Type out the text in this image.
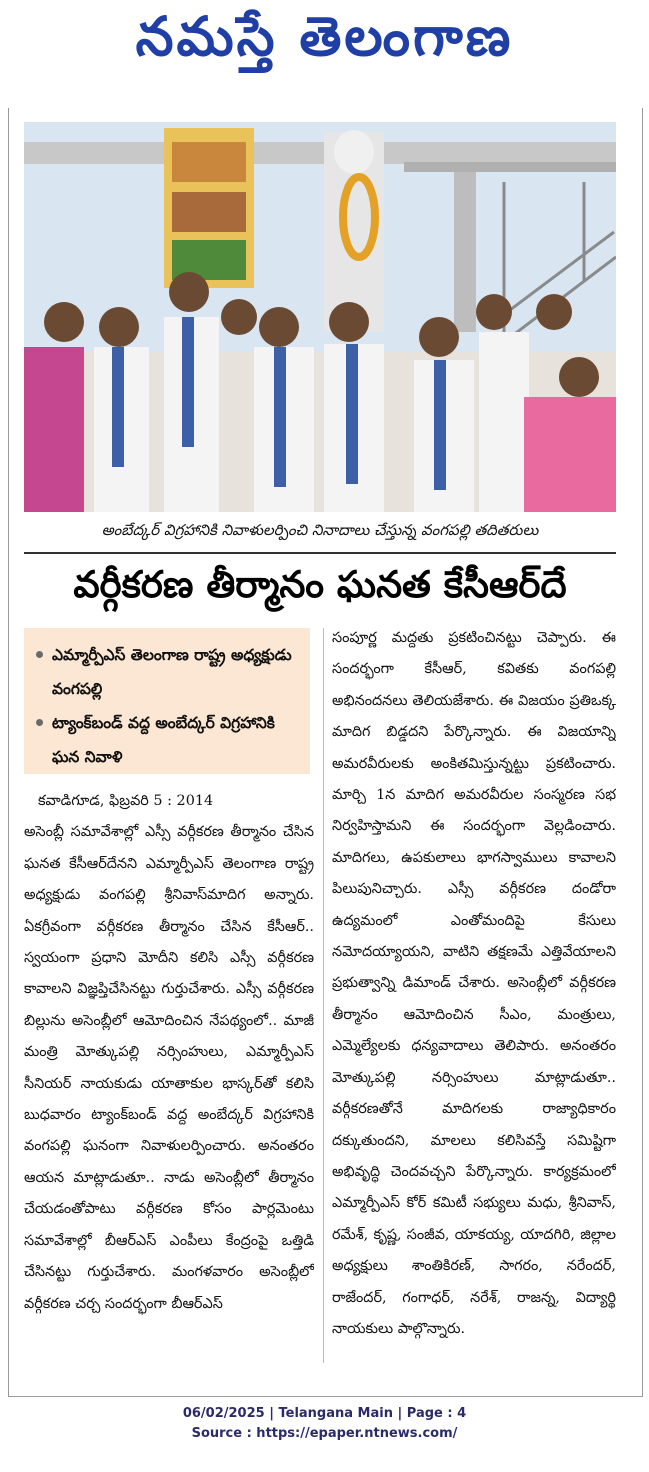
నమస్తే తెలంగాణ
అంబేద్కర్ విగ్రహానికి నివాళులర్పించి నినాదాలు చేస్తున్న వంగపల్లి తదితరులు
వర్గీకరణ తీర్మానం ఘనత కేసీఆర్‌దే
ఎమ్మార్పీఎస్ తెలంగాణ రాష్ట్ర అధ్యక్షుడు వంగపల్లి
ట్యాంక్‌బండ్ వద్ద అంబేద్కర్ విగ్రహానికి ఘన నివాళి

కవాడిగూడ, ఫిబ్రవరి 5 : 2014

అసెంబ్లీ సమావేశాల్లో ఎస్సీ వర్గీకరణ తీర్మానం చేసిన ఘనత కేసీఆర్‌దేనని ఎమ్మార్పీఎస్ తెలంగాణ రాష్ట్ర అధ్యక్షుడు వంగపల్లి శ్రీనివాస్‌మాదిగ అన్నారు. ఏకగ్రీవంగా వర్గీకరణ తీర్మానం చేసిన కేసీఆర్.. స్వయంగా ప్రధాని మోదీని కలిసి ఎస్సీ వర్గీకరణ కావాలని విజ్ఞప్తిచేసినట్టు గుర్తుచేశారు. ఎస్సీ వర్గీకరణ బిల్లును అసెంబ్లీలో ఆమోదించిన నేపథ్యంలో.. మాజీ మంత్రి మోత్కుపల్లి నర్సింహులు, ఎమ్మార్పీఎస్ సీనియర్ నాయకుడు యాతాకుల భాస్కర్‌తో కలిసి బుధవారం ట్యాంక్‌బండ్ వద్ద అంబేద్కర్ విగ్రహానికి వంగపల్లి ఘనంగా నివాళులర్పించారు. అనంతరం ఆయన మాట్లాడుతూ.. నాడు అసెంబ్లీలో తీర్మానం చేయడంతోపాటు వర్గీకరణ కోసం పార్లమెంటు సమావేశాల్లో బీఆర్‌ఎస్ ఎంపీలు కేంద్రంపై ఒత్తిడి చేసినట్టు గుర్తుచేశారు. మంగళవారం అసెంబ్లీలో వర్గీకరణ చర్చ సందర్భంగా బీఆర్‌ఎస్

సంపూర్ణ మద్దతు ప్రకటించినట్టు చెప్పారు. ఈ సందర్భంగా కేసీఆర్, కవితకు వంగపల్లి అభినందనలు తెలియజేశారు. ఈ విజయం ప్రతిఒక్క మాదిగ బిడ్డదని పేర్కొన్నారు. ఈ విజయాన్ని అమరవీరులకు అంకితమిస్తున్నట్టు ప్రకటించారు. మార్చి 1న మాదిగ అమరవీరుల సంస్మరణ సభ నిర్వహిస్తామని ఈ సందర్భంగా వెల్లడించారు. మాదిగలు, ఉపకులాలు భాగస్వాములు కావాలని పిలుపునిచ్చారు. ఎస్సీ వర్గీకరణ దండోరా ఉద్యమంలో ఎంతోమందిపై కేసులు నమోదయ్యాయని, వాటిని తక్షణమే ఎత్తివేయాలని ప్రభుత్వాన్ని డిమాండ్ చేశారు. అసెంబ్లీలో వర్గీకరణ తీర్మానం ఆమోదించిన సీఎం, మంత్రులు, ఎమ్మెల్యేలకు ధన్యవాదాలు తెలిపారు. అనంతరం మోత్కుపల్లి నర్సింహులు మాట్లాడుతూ.. వర్గీకరణతోనే మాదిగలకు రాజ్యాధికారం దక్కుతుందని, మాలలు కలిసివస్తే సమిష్టిగా అభివృద్ధి చెందవచ్చని పేర్కొన్నారు. కార్యక్రమంలో ఎమ్మార్పీఎస్ కోర్ కమిటీ సభ్యులు మధు, శ్రీనివాస్, రమేశ్, కృష్ణ, సంజీవ, యాకయ్య, యాదగిరి, జిల్లాల అధ్యక్షులు శాంతికిరణ్, సాగరం, నరేందర్, రాజేందర్, గంగాధర్, నరేశ్, రాజన్న, విద్యార్థి నాయకులు పాల్గొన్నారు.

06/02/2025 | Telangana Main | Page : 4
Source : https://epaper.ntnews.com/
